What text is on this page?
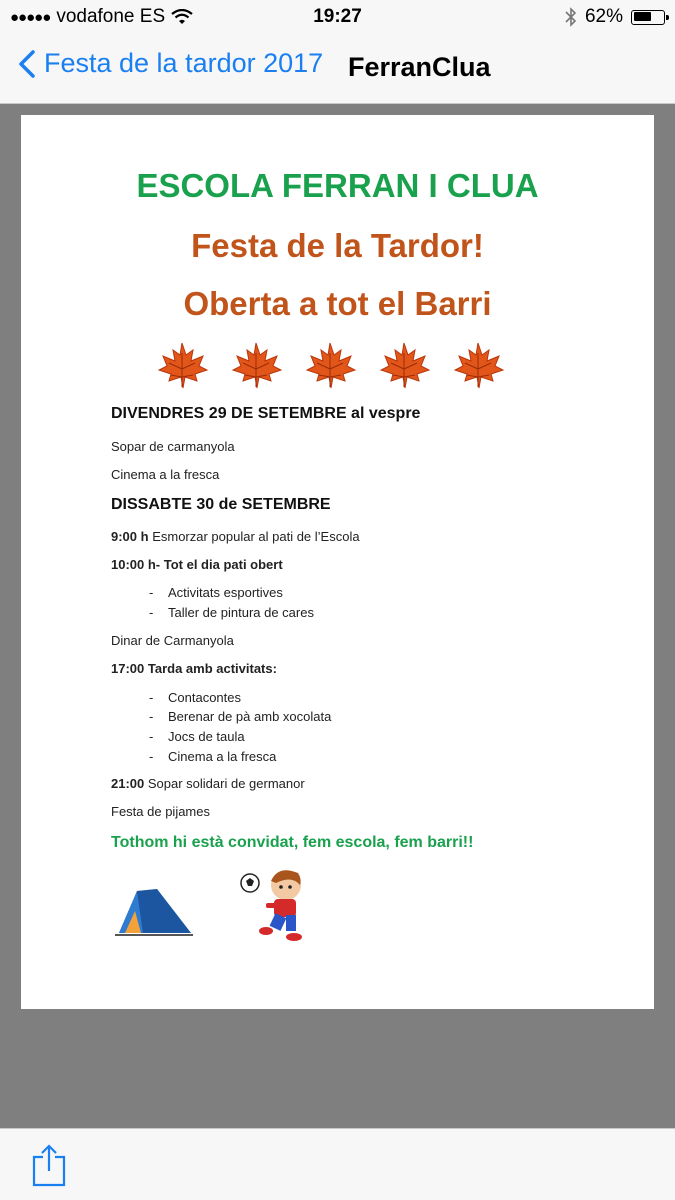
●●●●● vodafone ES	19:27	62%
Festa de la tardor 2017 FerranClua
ESCOLA FERRAN I CLUA
Festa de la Tardor!
Oberta a tot el Barri
DIVENDRES 29 DE SETEMBRE al vespre
Sopar de carmanyola
Cinema a la fresca
DISSABTE 30 de SETEMBRE
9:00 h Esmorzar popular al pati de l’Escola
10:00 h- Tot el dia pati obert
- Activitats esportives
- Taller de pintura de cares
Dinar de Carmanyola
17:00 Tarda amb activitats:
- Contacontes
- Berenar de pà amb xocolata
- Jocs de taula
- Cinema a la fresca
21:00 Sopar solidari de germanor
Festa de pijames
Tothom hi està convidat, fem escola, fem barri!!
